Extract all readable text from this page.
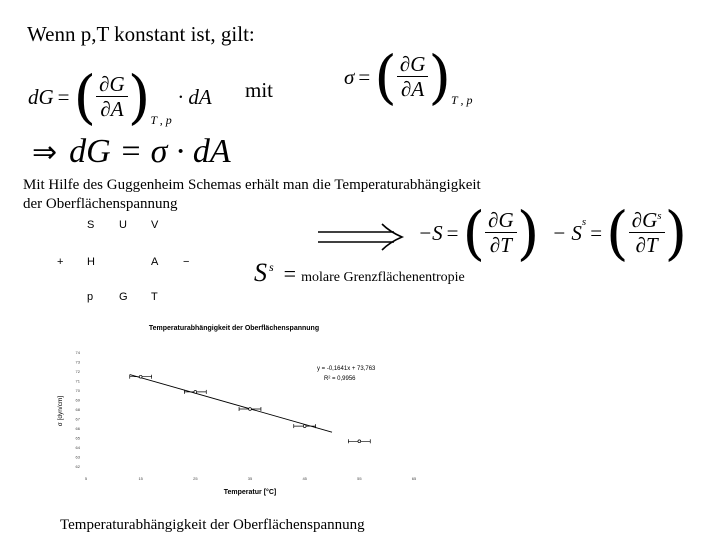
Wenn p,T konstant ist, gilt:
dG = ( $\frac{\partial G}{\partial A}$ ) T , p
· dA mit
σ = ( $\frac{\partial G}{\partial A}$ ) T , p
⇒ dG = σ · dA
Mit Hilfe des Guggenheim Schemas erhält man die Temperaturabhängigkeit
der Oberflächenspannung
S U V
+ H	A −
p G T
−S = ( $\frac{\partial G}{\partial T}$ ) − $S^s$ = ( $\frac{\partial G^s}{\partial T}$ )
$S^s$ = molare Grenzflächenentropie
Temperaturabhängigkeit der Oberflächenspannung
σ [dyn/cm]
Temperatur [°C]
y = -0,1641x + 73,763
R² = 0,9956
62
63
64
65
66
67
68
69
70
71
72
73
74
5	15	25	35	45	55	65
Temperaturabhängigkeit der Oberflächenspannung
